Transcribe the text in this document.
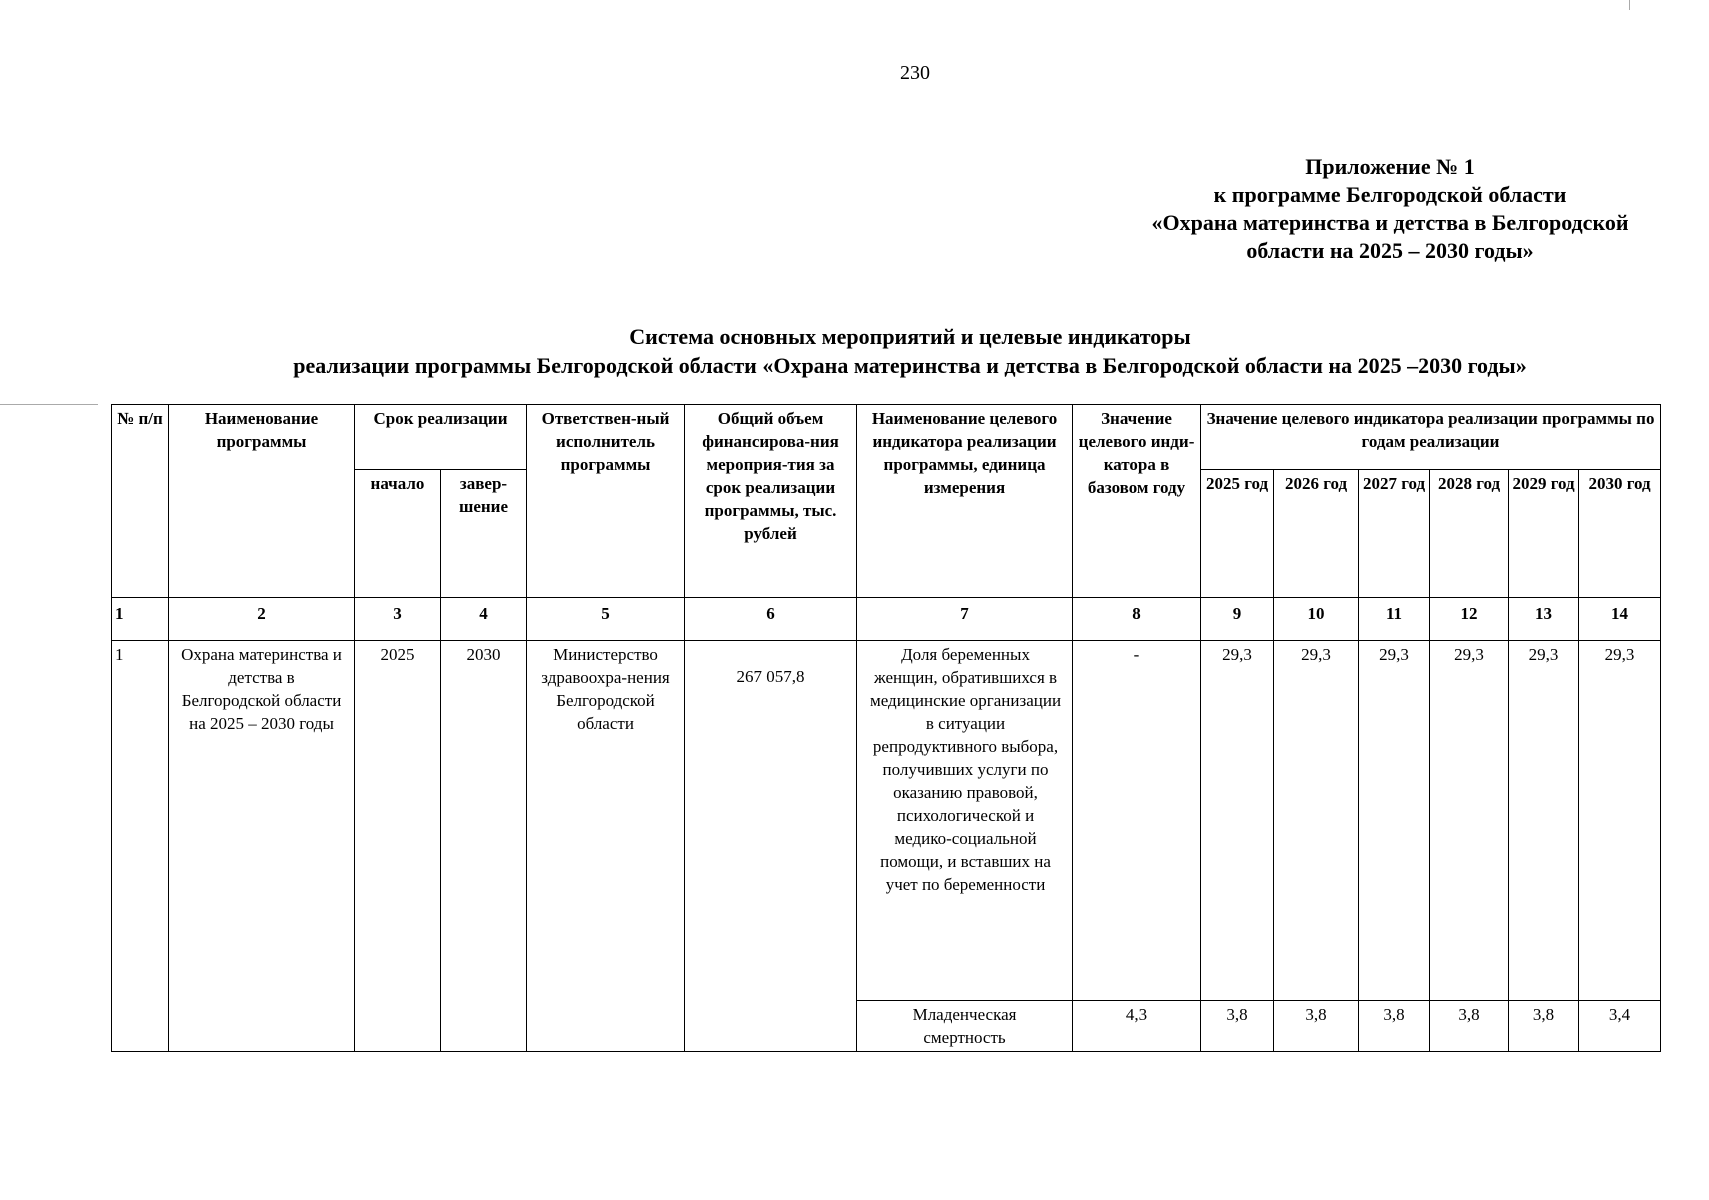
230
Приложение № 1
к программе Белгородской области
«Охрана материнства и детства в Белгородской
области на 2025 – 2030 годы»
Система основных мероприятий и целевые индикаторы
реализации программы Белгородской области «Охрана материнства и детства в Белгородской области на 2025 –2030 годы»
№ п/п	Наименование программы	Срок реализации		Ответствен-ный исполнитель программы	Общий объем финансирова-ния мероприя-тия за срок реализации программы, тыс. рублей	Наименование целевого индикатора реализации программы, единица измерения	Значение целевого инди-катора в базовом году	Значение целевого индикатора реализации программы по годам реализации					
		начало	завер-шение					2025 год	2026 год	2027 год	2028 год	2029 год	2030 год
1	2	3	4	5	6	7	8	9	10	11	12	13	14
1	Охрана материнства и детства в Белгородской области на 2025 – 2030 годы	2025	2030	Министерство здравоохра-нения Белгородской области	267 057,8	Доля беременных женщин, обратившихся в медицинские организации в ситуации репродуктивного выбора, получивших услуги по оказанию правовой, психологической и медико-социальной помощи, и вставших на учет по беременности	-	29,3	29,3	29,3	29,3	29,3	29,3
						Младенческая смертность	4,3	3,8	3,8	3,8	3,8	3,8	3,4
